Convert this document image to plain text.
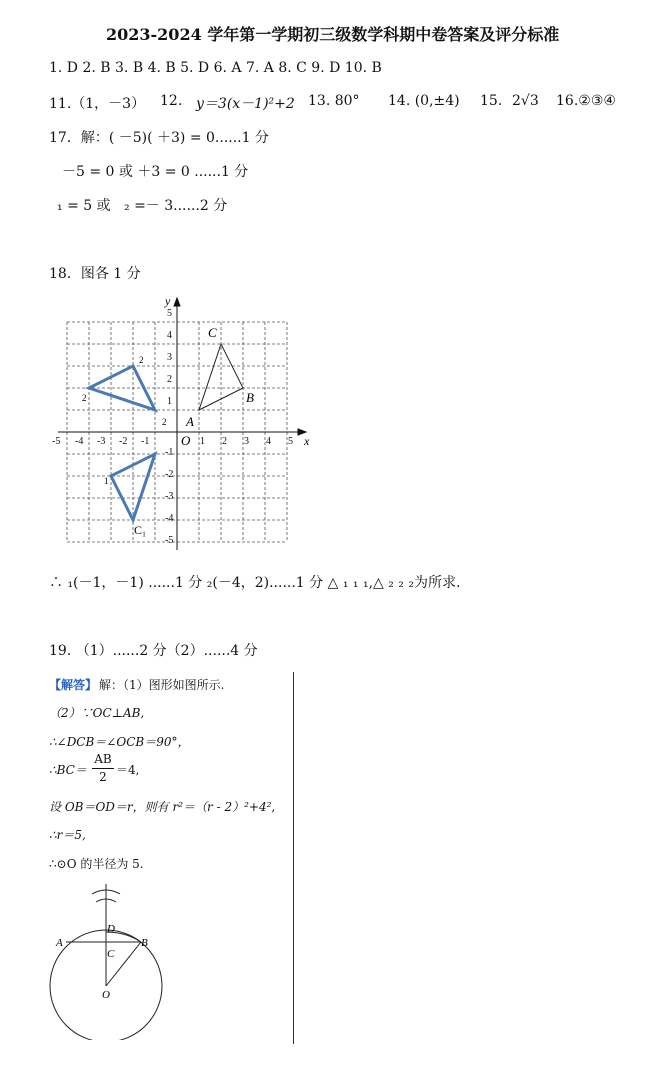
2023-2024 学年第一学期初三级数学科期中卷答案及评分标准
1. D 2. B 3. B 4. B 5. D 6. A 7. A 8. C 9. D 10. B
11.（1，－3） 12. y＝3(x－1)²+2 13. 80° 14. (0,±4) 15. 2√3 16.②③④
17．解：( －5)( ＋3) = 0......1 分
－5 = 0 或 ＋3 = 0 ......1 分
₁ = 5 或 ₂ =－ 3......2 分
18．图各 1 分
-5 -4 -3 -2 -1	1 2 3 4 5
5
4
3
2
1
-1
-2
-3
-4
-5
x
y
O
A
B
C
2
2
2
1
C₁
∴ ₁(－1，－1) ......1 分 ₂(－4，2)......1 分 △ ₁ ₁ ₁,△ ₂ ₂ ₂为所求.
19. （1）......2 分（2）......4 分
【解答】 解：（1）图形如图所示.
（2）∵OC⊥AB,
∴∠DCB＝∠OCB＝90°，
∴BC＝
AB
2 ＝4,
设 OB＝OD＝r，则有 r²＝（r - 2）²+4²,
∴r＝5,
∴⊙O 的半径为 5.
A	B
C
D
O
